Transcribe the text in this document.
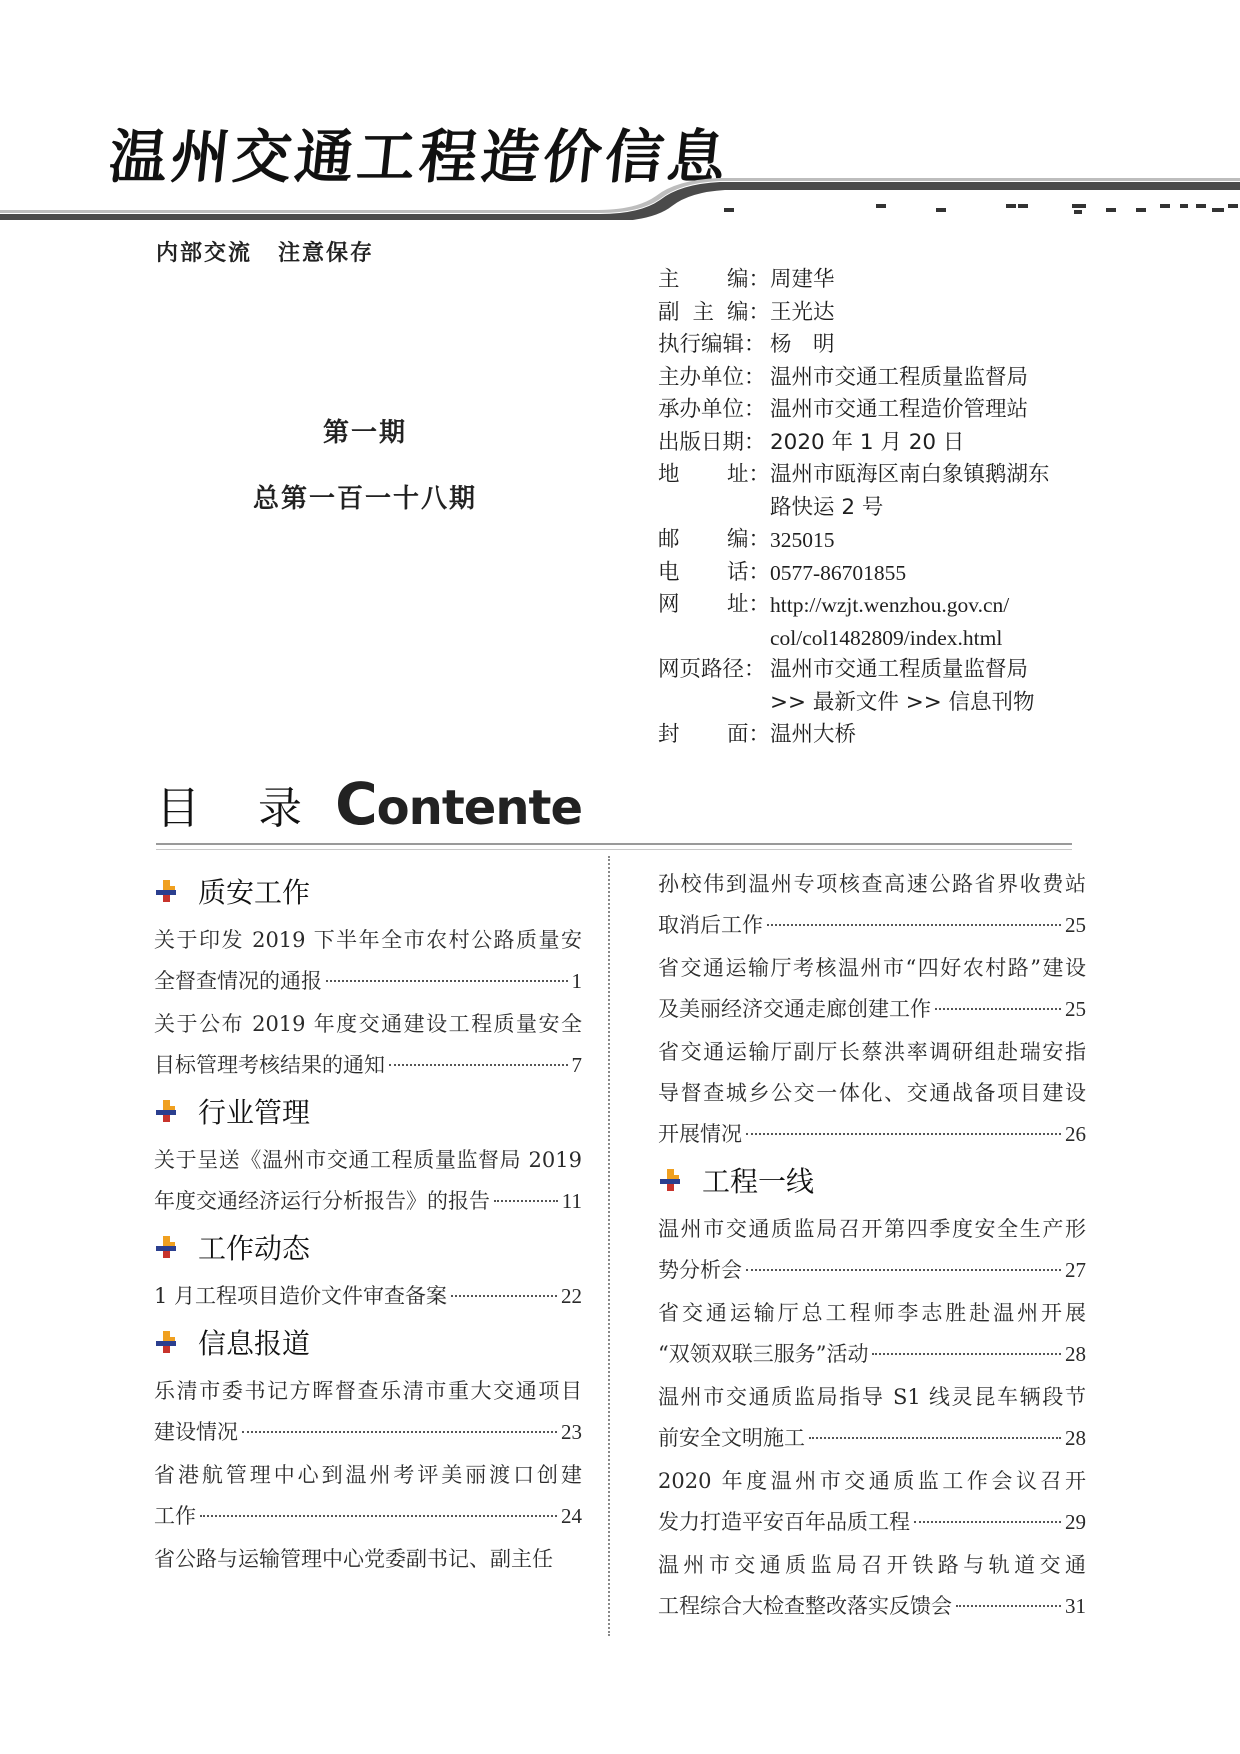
温州交通工程造价信息
内部交流 注意保存
第一期
总第一百一十八期
主 编： 周建华
副 主 编： 王光达
执行编辑： 杨　明
主办单位： 温州市交通工程质量监督局
承办单位： 温州市交通工程造价管理站
出版日期： 2020 年 1 月 20 日
地 址： 温州市瓯海区南白象镇鹅湖东
路快运 2 号
邮 编： 325015
电 话： 0577-86701855
网 址： http://wzjt.wenzhou.gov.cn/
col/col1482809/index.html
网页路径： 温州市交通工程质量监督局
>> 最新文件 >> 信息刊物
封 面： 温州大桥
目 录 Contente
质安工作
关于印发 2019 下半年全市农村公路质量安
全督查情况的通报	1
关于公布 2019 年度交通建设工程质量安全
目标管理考核结果的通知	7
行业管理
关于呈送《温州市交通工程质量监督局 2019
年度交通经济运行分析报告》的报告	11
工作动态
1 月工程项目造价文件审查备案	22
信息报道
乐清市委书记方晖督查乐清市重大交通项目
建设情况	23
省港航管理中心到温州考评美丽渡口创建
工作	24
省公路与运输管理中心党委副书记、副主任
孙校伟到温州专项核查高速公路省界收费站
取消后工作	25
省交通运输厅考核温州市“四好农村路”建设
及美丽经济交通走廊创建工作	25
省交通运输厅副厅长蔡洪率调研组赴瑞安指
导督查城乡公交一体化、交通战备项目建设
开展情况	26
工程一线
温州市交通质监局召开第四季度安全生产形
势分析会	27
省交通运输厅总工程师李志胜赴温州开展
“双领双联三服务”活动	28
温州市交通质监局指导 S1 线灵昆车辆段节
前安全文明施工	28
2020 年度温州市交通质监工作会议召开
发力打造平安百年品质工程	29
温州市交通质监局召开铁路与轨道交通
工程综合大检查整改落实反馈会	31
